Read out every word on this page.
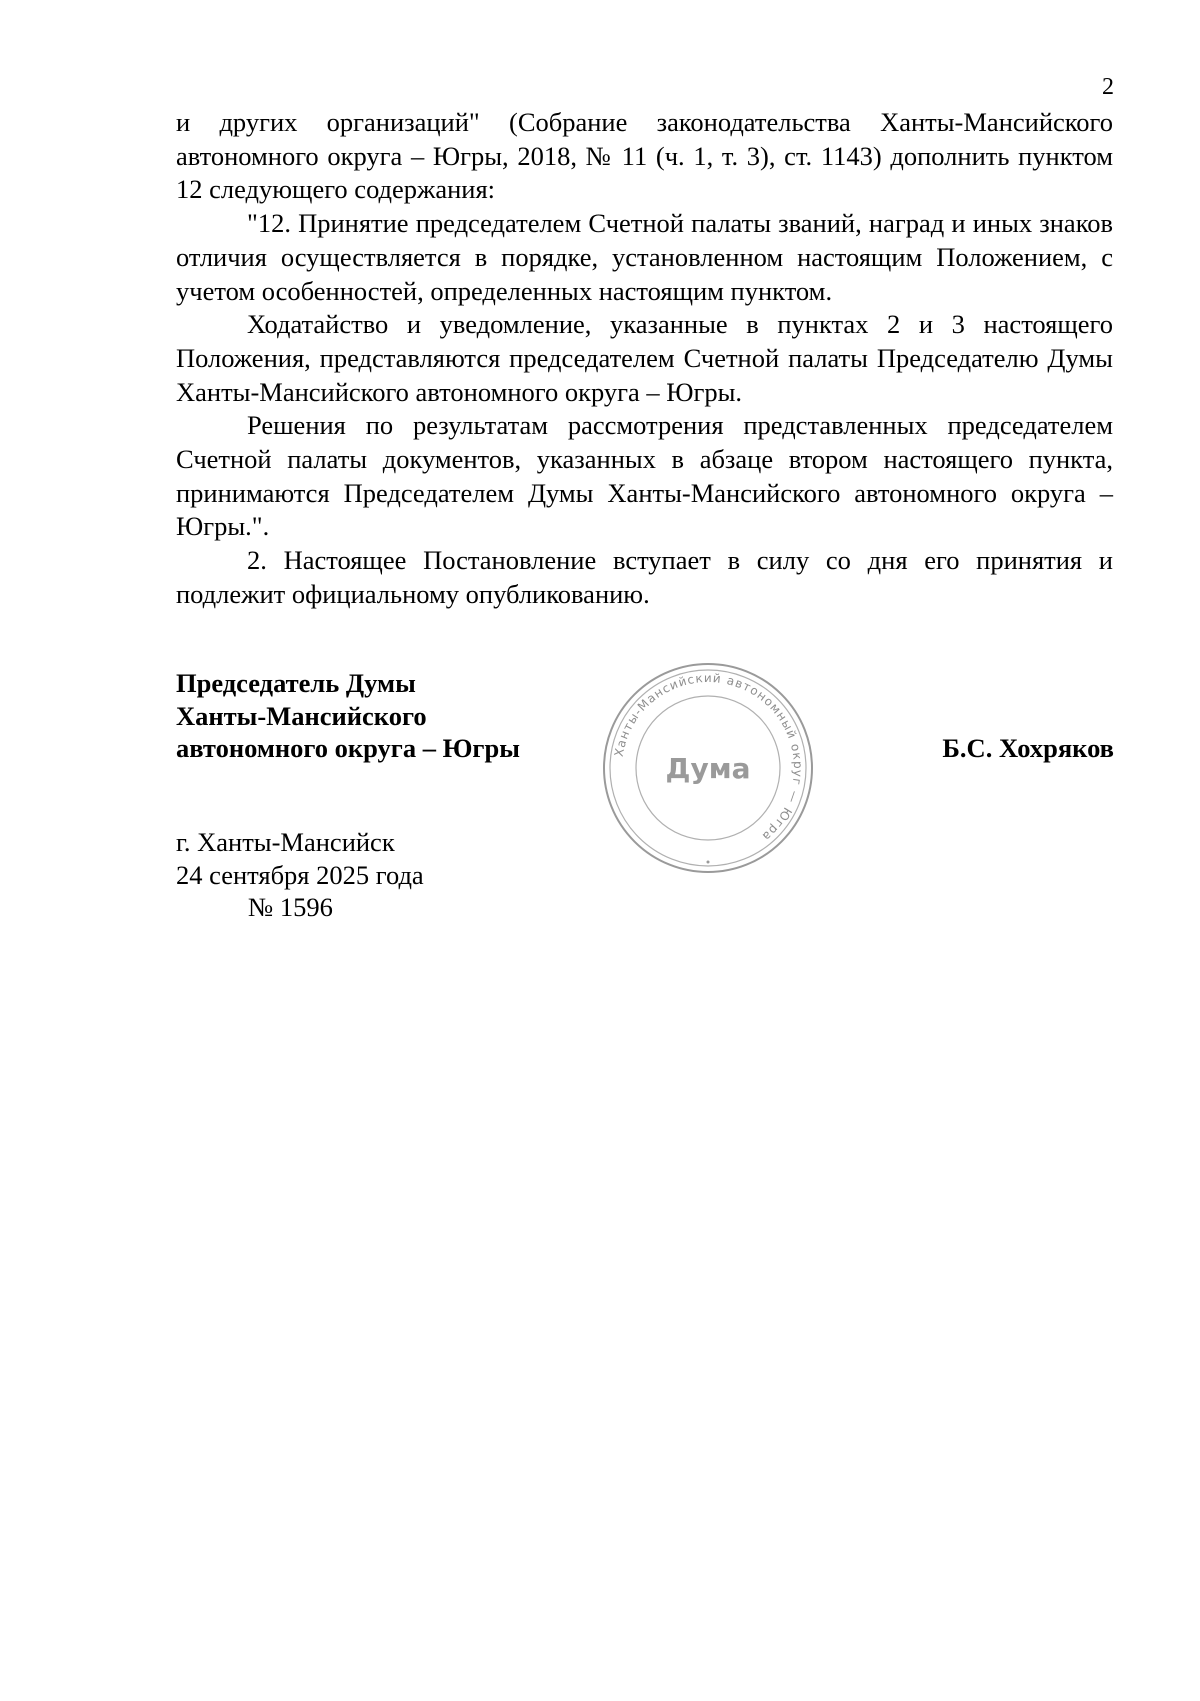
2

и других организаций" (Собрание законодательства Ханты-Мансийского автономного округа – Югры, 2018, № 11 (ч. 1, т. 3), ст. 1143) дополнить пунктом 12 следующего содержания:

"12. Принятие председателем Счетной палаты званий, наград и иных знаков отличия осуществляется в порядке, установленном настоящим Положением, с учетом особенностей, определенных настоящим пунктом.

Ходатайство и уведомление, указанные в пунктах 2 и 3 настоящего Положения, представляются председателем Счетной палаты Председателю Думы Ханты-Мансийского автономного округа – Югры.

Решения по результатам рассмотрения представленных председателем Счетной палаты документов, указанных в абзаце втором настоящего пункта, принимаются Председателем Думы Ханты-Мансийского автономного округа – Югры.".

2. Настоящее Постановление вступает в силу со дня его принятия и подлежит официальному опубликованию.

Председатель Думы
Ханты-Мансийского
автономного округа – Югры	Ханты-Мансийский автономный округ — Югра
Дума
Б.С. Хохряков
г. Ханты-Мансийск
24 сентября 2025 года
№ 1596
